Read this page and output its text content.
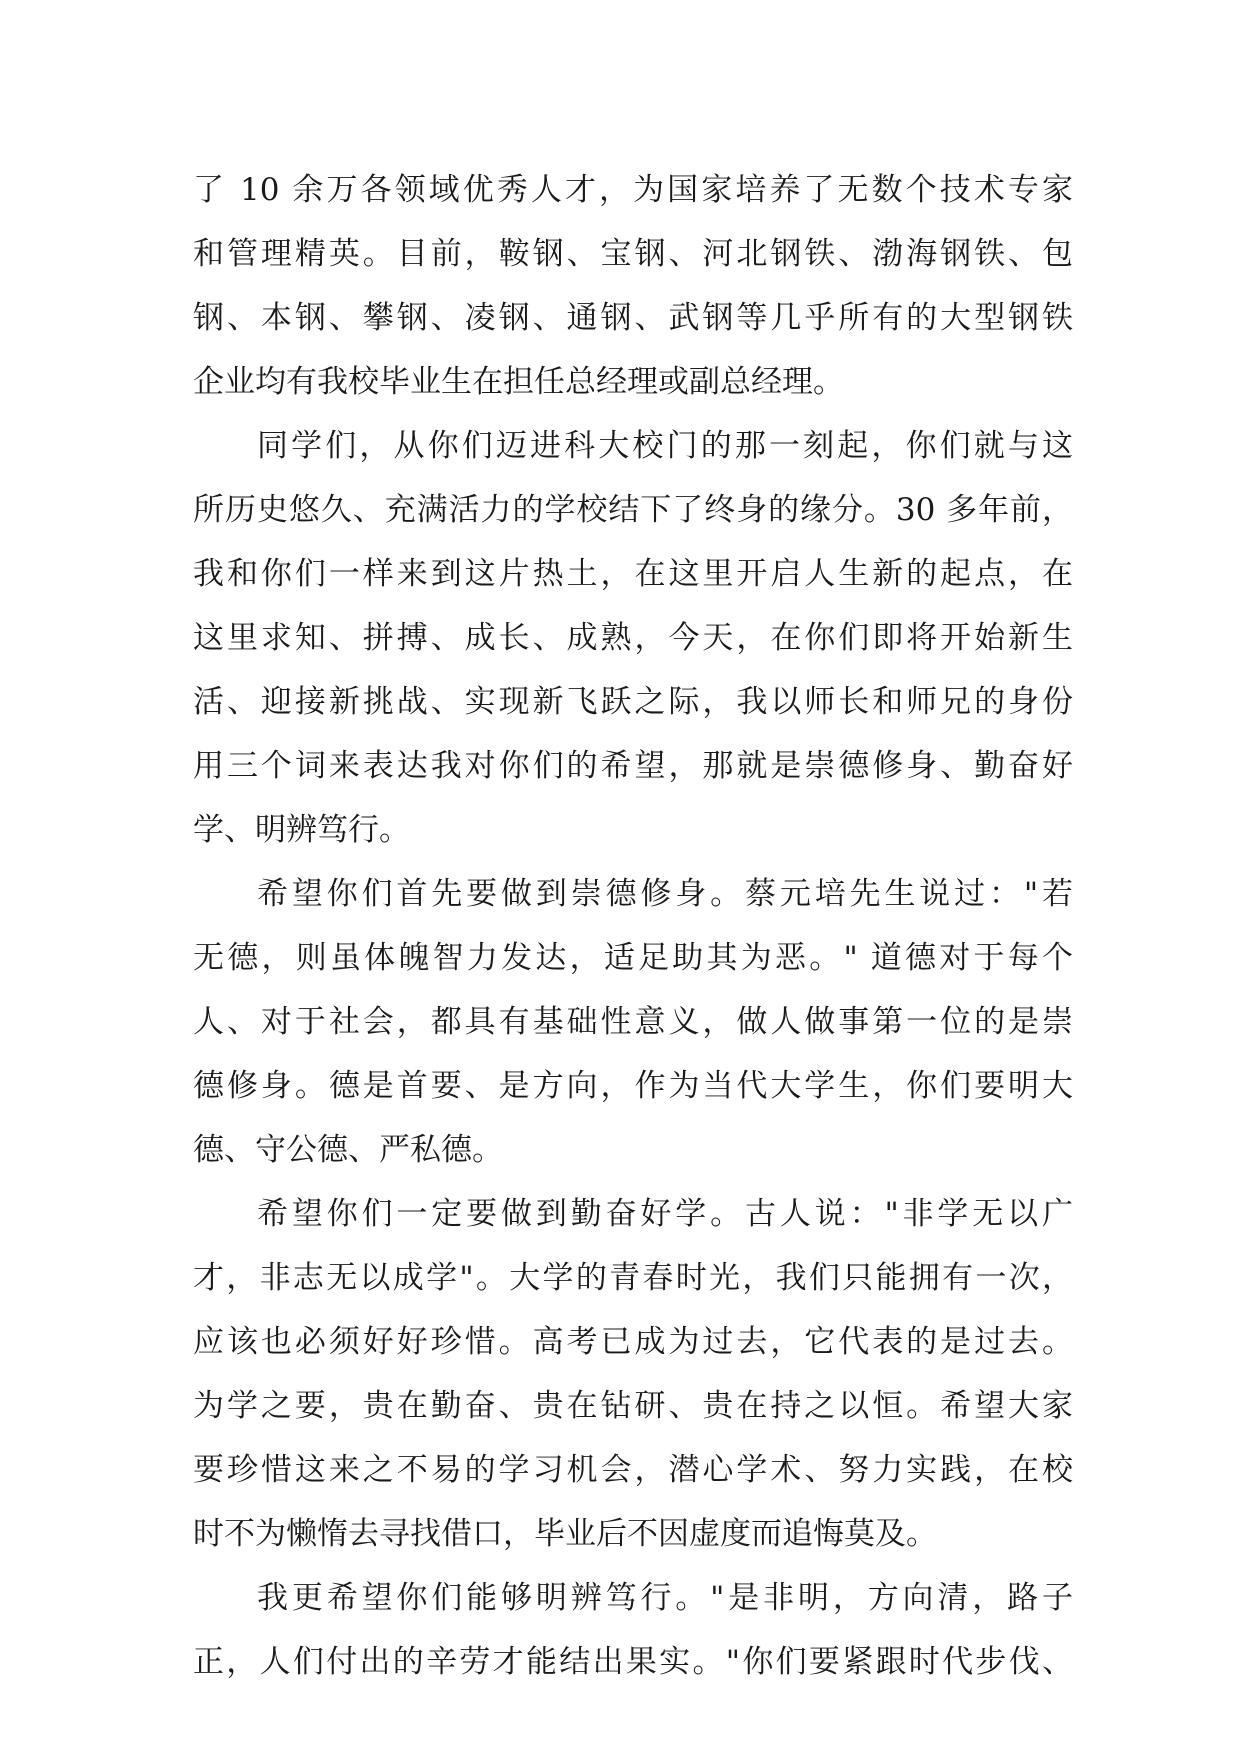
了 10 余万各领域优秀人才，为国家培养了无数个技术专家
和管理精英。目前，鞍钢、宝钢、河北钢铁、渤海钢铁、包
钢、本钢、攀钢、凌钢、通钢、武钢等几乎所有的大型钢铁
企业均有我校毕业生在担任总经理或副总经理。
同学们，从你们迈进科大校门的那一刻起，你们就与这
所历史悠久、充满活力的学校结下了终身的缘分。30 多年前，
我和你们一样来到这片热土，在这里开启人生新的起点，在
这里求知、拼搏、成长、成熟，今天，在你们即将开始新生
活、迎接新挑战、实现新飞跃之际，我以师长和师兄的身份
用三个词来表达我对你们的希望，那就是崇德修身、勤奋好
学、明辨笃行。
希望你们首先要做到崇德修身。蔡元培先生说过："若
无德，则虽体魄智力发达，适足助其为恶。" 道德对于每个
人、对于社会，都具有基础性意义，做人做事第一位的是崇
德修身。德是首要、是方向，作为当代大学生，你们要明大
德、守公德、严私德。
希望你们一定要做到勤奋好学。古人说："非学无以广
才，非志无以成学"。大学的青春时光，我们只能拥有一次，
应该也必须好好珍惜。高考已成为过去，它代表的是过去。
为学之要，贵在勤奋、贵在钻研、贵在持之以恒。希望大家
要珍惜这来之不易的学习机会，潜心学术、努力实践，在校
时不为懒惰去寻找借口，毕业后不因虚度而追悔莫及。
我更希望你们能够明辨笃行。"是非明，方向清，路子
正，人们付出的辛劳才能结出果实。"你们要紧跟时代步伐、
